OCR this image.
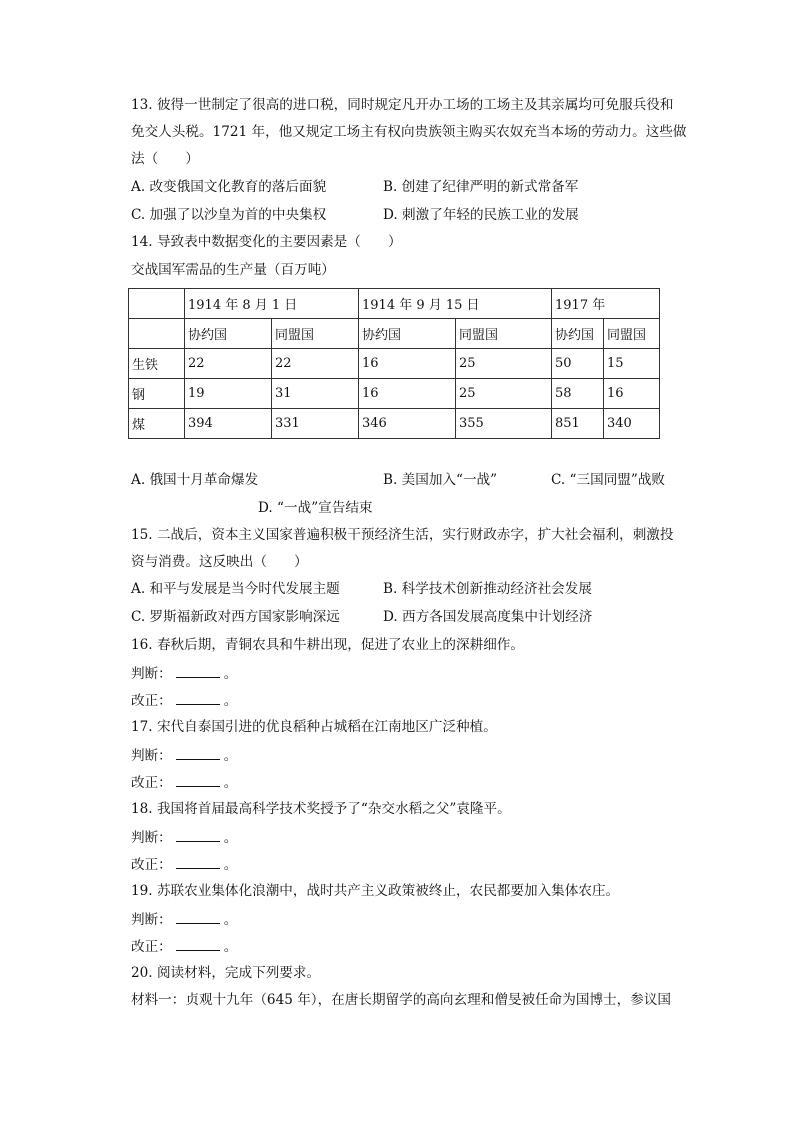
13. 彼得一世制定了很高的进口税，同时规定凡开办工场的工场主及其亲属均可免服兵役和
免交人头税。1721 年，他又规定工场主有权向贵族领主购买农奴充当本场的劳动力。这些做
法（　　）
A. 改变俄国文化教育的落后面貌	B. 创建了纪律严明的新式常备军
C. 加强了以沙皇为首的中央集权	D. 刺激了年轻的民族工业的发展
14. 导致表中数据变化的主要因素是（　　）
交战国军需品的生产量（百万吨）
	1914 年 8 月 1 日		1914 年 9 月 15 日		1917 年	
	协约国	同盟国	协约国	同盟国	协约国	同盟国
生铁	22	22	16	25	50	15
钢	19	31	16	25	58	16
煤	394	331	346	355	851	340
A. 俄国十月革命爆发	B. 美国加入“一战”	C. “三国同盟”战败
D. “一战”宣告结束
15. 二战后，资本主义国家普遍积极干预经济生活，实行财政赤字，扩大社会福利，刺激投
资与消费。这反映出（　　）
A. 和平与发展是当今时代发展主题	B. 科学技术创新推动经济社会发展
C. 罗斯福新政对西方国家影响深远	D. 西方各国发展高度集中计划经济
16. 春秋后期，青铜农具和牛耕出现，促进了农业上的深耕细作。
判断：	。
改正：	。
17. 宋代自泰国引进的优良稻种占城稻在江南地区广泛种植。
判断：	。
改正：	。
18. 我国将首届最高科学技术奖授予了“杂交水稻之父”袁隆平。
判断：	。
改正：	。
19. 苏联农业集体化浪潮中，战时共产主义政策被终止，农民都要加入集体农庄。
判断：	。
改正：	。
20. 阅读材料，完成下列要求。
材料一：贞观十九年（645 年），在唐长期留学的高向玄理和僧旻被任命为国博士，参议国
